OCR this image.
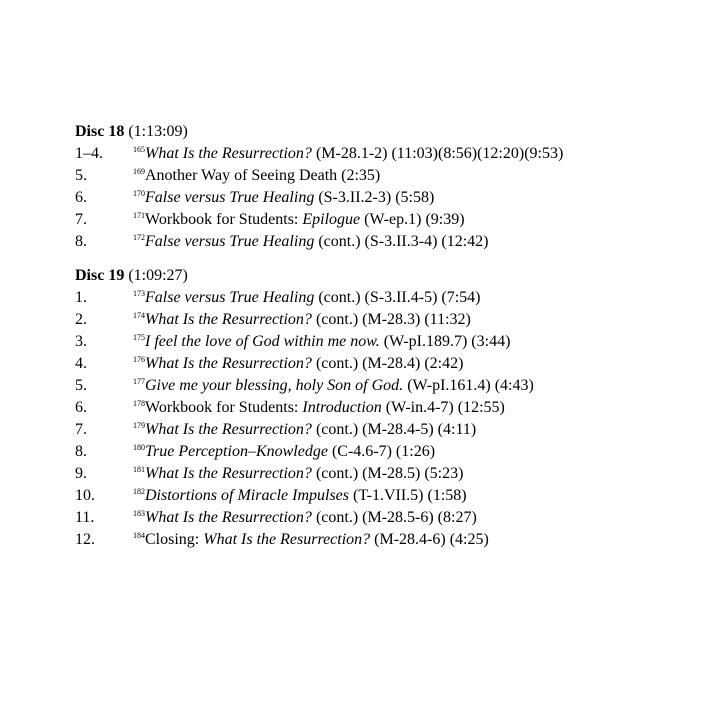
Disc 18 (1:13:09)
1–4.	$^{165}$What Is the Resurrection? (M-28.1-2) (11:03)(8:56)(12:20)(9:53)
5.	$^{169}$Another Way of Seeing Death (2:35)
6.	$^{170}$False versus True Healing (S-3.II.2-3) (5:58)
7.	$^{171}$Workbook for Students: Epilogue (W-ep.1) (9:39)
8.	$^{172}$False versus True Healing (cont.) (S-3.II.3-4) (12:42)
Disc 19 (1:09:27)
1.	$^{173}$False versus True Healing (cont.) (S-3.II.4-5) (7:54)
2.	$^{174}$What Is the Resurrection? (cont.) (M-28.3) (11:32)
3.	$^{175}$I feel the love of God within me now. (W-pI.189.7) (3:44)
4.	$^{176}$What Is the Resurrection? (cont.) (M-28.4) (2:42)
5.	$^{177}$Give me your blessing, holy Son of God. (W-pI.161.4) (4:43)
6.	$^{178}$Workbook for Students: Introduction (W-in.4-7) (12:55)
7.	$^{179}$What Is the Resurrection? (cont.) (M-28.4-5) (4:11)
8.	$^{180}$True Perception–Knowledge (C-4.6-7) (1:26)
9.	$^{181}$What Is the Resurrection? (cont.) (M-28.5) (5:23)
10.	$^{182}$Distortions of Miracle Impulses (T-1.VII.5) (1:58)
11.	$^{183}$What Is the Resurrection? (cont.) (M-28.5-6) (8:27)
12.	$^{184}$Closing: What Is the Resurrection? (M-28.4-6) (4:25)
